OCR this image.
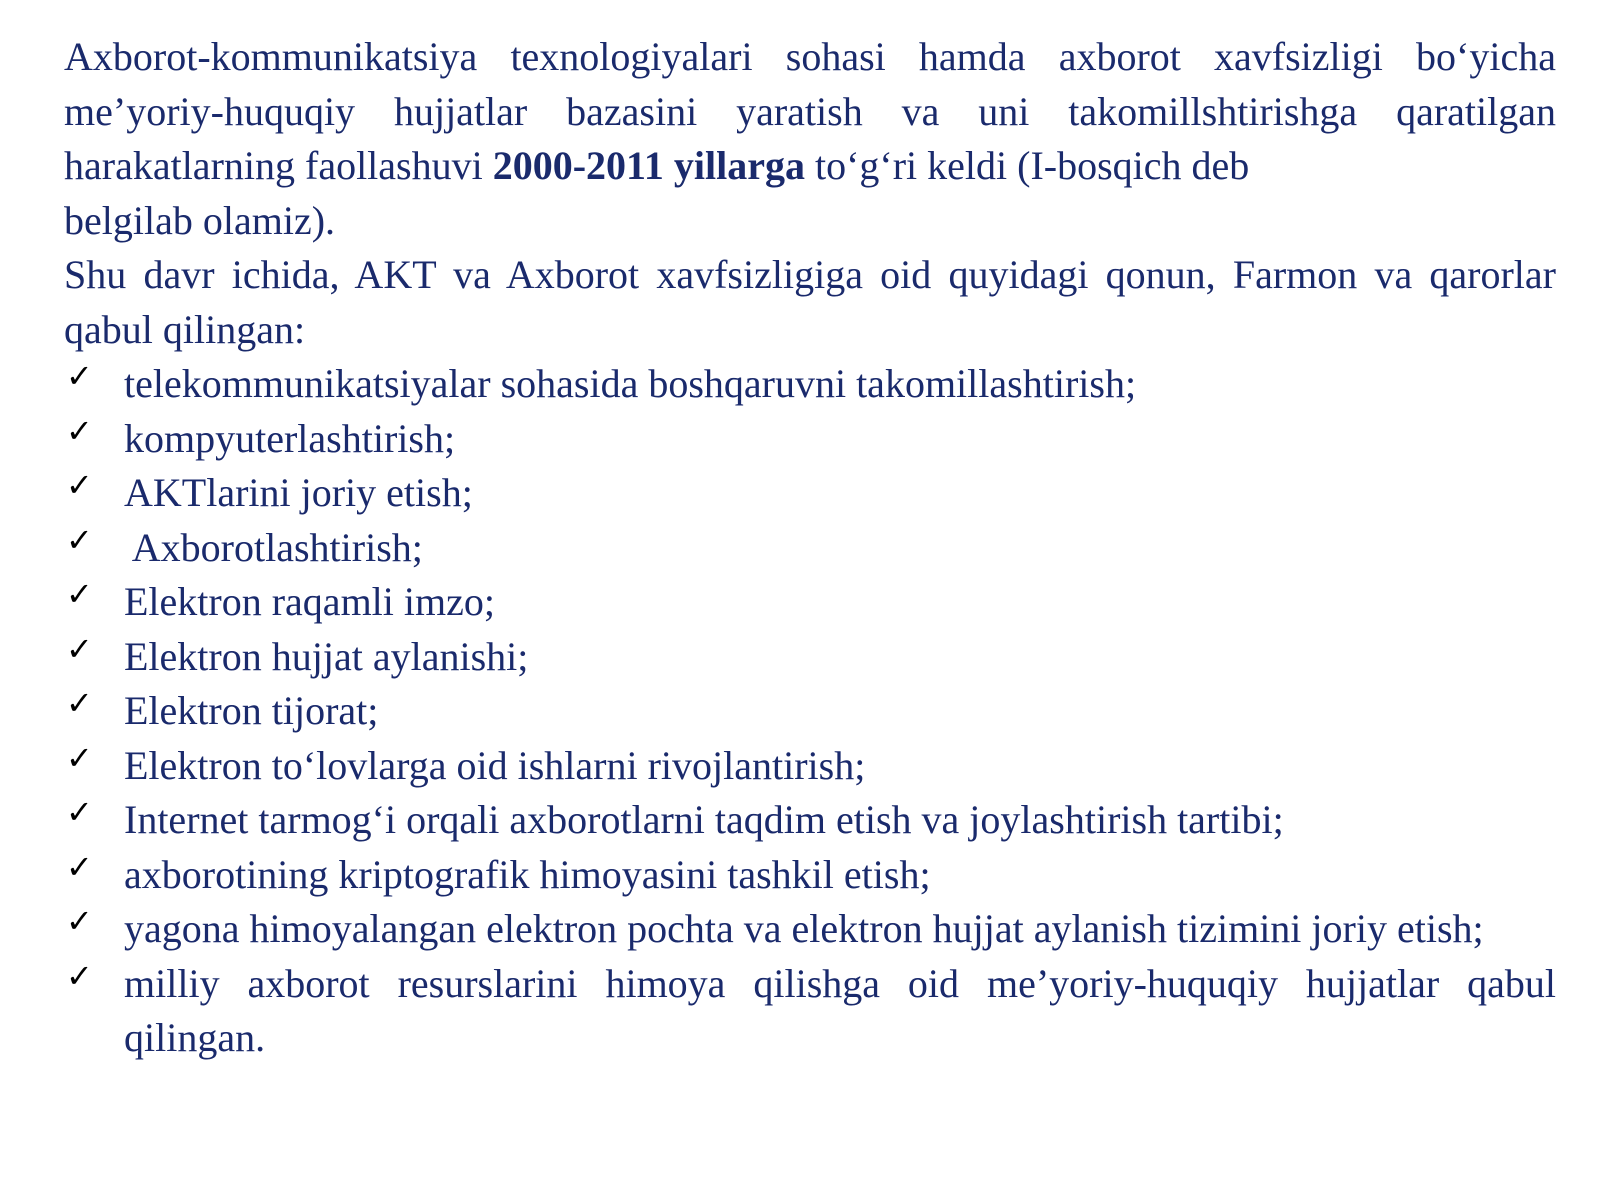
Axborot-kommunikatsiya texnologiyalari sohasi hamda axborot xavfsizligi bo‘yicha me’yoriy-huquqiy hujjatlar bazasini yaratish va uni takomillshtirishga qaratilgan harakatlarning faollashuvi 2000-2011 yillarga to‘g‘ri keldi (I-bosqich deb

belgilab olamiz).

Shu davr ichida, AKT va Axborot xavfsizligiga oid quyidagi qonun, Farmon va qarorlar qabul qilingan:

✓ telekommunikatsiyalar sohasida boshqaruvni takomillashtirish;
✓ kompyuterlashtirish;
✓ AKTlarini joriy etish;
✓ Axborotlashtirish;
✓ Elektron raqamli imzo;
✓ Elektron hujjat aylanishi;
✓ Elektron tijorat;
✓ Elektron to‘lovlarga oid ishlarni rivojlantirish;
✓ Internet tarmog‘i orqali axborotlarni taqdim etish va joylashtirish tartibi;
✓ axborotining kriptografik himoyasini tashkil etish;
✓ yagona himoyalangan elektron pochta va elektron hujjat aylanish tizimini joriy etish;
✓ milliy axborot resurslarini himoya qilishga oid me’yoriy-huquqiy hujjatlar qabul qilingan.
